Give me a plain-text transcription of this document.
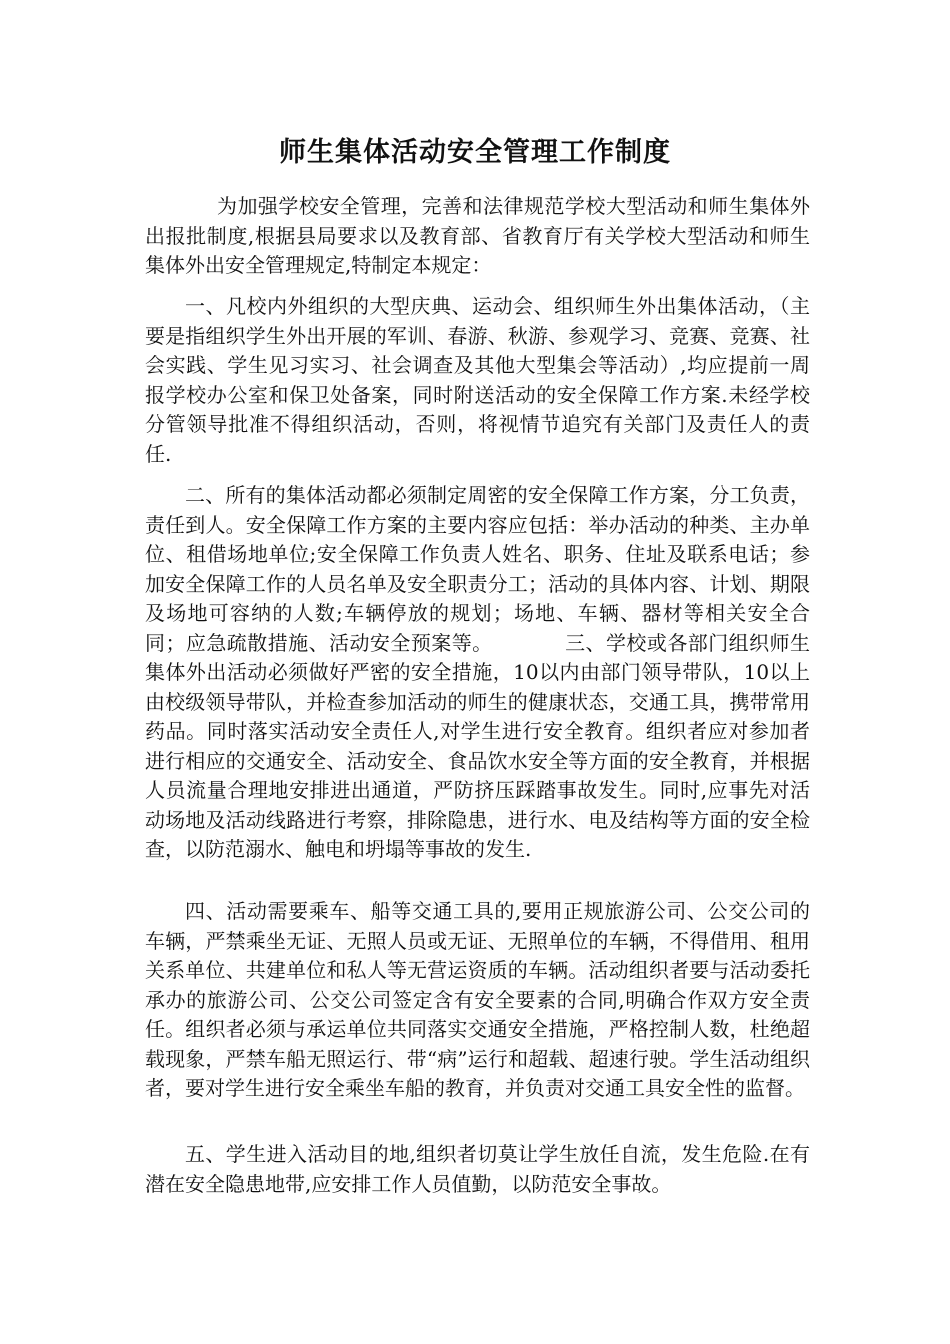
师生集体活动安全管理工作制度

为加强学校安全管理，完善和法律规范学校大型活动和师生集体外出报批制度,根据县局要求以及教育部、省教育厅有关学校大型活动和师生集体外出安全管理规定,特制定本规定：

一、凡校内外组织的大型庆典、运动会、组织师生外出集体活动，（主要是指组织学生外出开展的军训、春游、秋游、参观学习、竞赛、竞赛、社会实践、学生见习实习、社会调查及其他大型集会等活动）,均应提前一周报学校办公室和保卫处备案，同时附送活动的安全保障工作方案.未经学校分管领导批准不得组织活动，否则，将视情节追究有关部门及责任人的责任.

二、所有的集体活动都必须制定周密的安全保障工作方案，分工负责，责任到人。安全保障工作方案的主要内容应包括：举办活动的种类、主办单位、租借场地单位;安全保障工作负责人姓名、职务、住址及联系电话；参加安全保障工作的人员名单及安全职责分工；活动的具体内容、计划、期限及场地可容纳的人数;车辆停放的规划；场地、车辆、器材等相关安全合同；应急疏散措施、活动安全预案等。	三、学校或各部门组织师生集体外出活动必须做好严密的安全措施，10以内由部门领导带队，10以上由校级领导带队，并检查参加活动的师生的健康状态，交通工具，携带常用药品。同时落实活动安全责任人,对学生进行安全教育。组织者应对参加者进行相应的交通安全、活动安全、食品饮水安全等方面的安全教育，并根据人员流量合理地安排进出通道，严防挤压踩踏事故发生。同时,应事先对活动场地及活动线路进行考察，排除隐患，进行水、电及结构等方面的安全检查，以防范溺水、触电和坍塌等事故的发生.

四、活动需要乘车、船等交通工具的,要用正规旅游公司、公交公司的车辆，严禁乘坐无证、无照人员或无证、无照单位的车辆，不得借用、租用关系单位、共建单位和私人等无营运资质的车辆。活动组织者要与活动委托承办的旅游公司、公交公司签定含有安全要素的合同,明确合作双方安全责任。组织者必须与承运单位共同落实交通安全措施，严格控制人数，杜绝超载现象，严禁车船无照运行、带“病”运行和超载、超速行驶。学生活动组织者，要对学生进行安全乘坐车船的教育，并负责对交通工具安全性的监督。

五、学生进入活动目的地,组织者切莫让学生放任自流，发生危险.在有潜在安全隐患地带,应安排工作人员值勤，以防范安全事故。
